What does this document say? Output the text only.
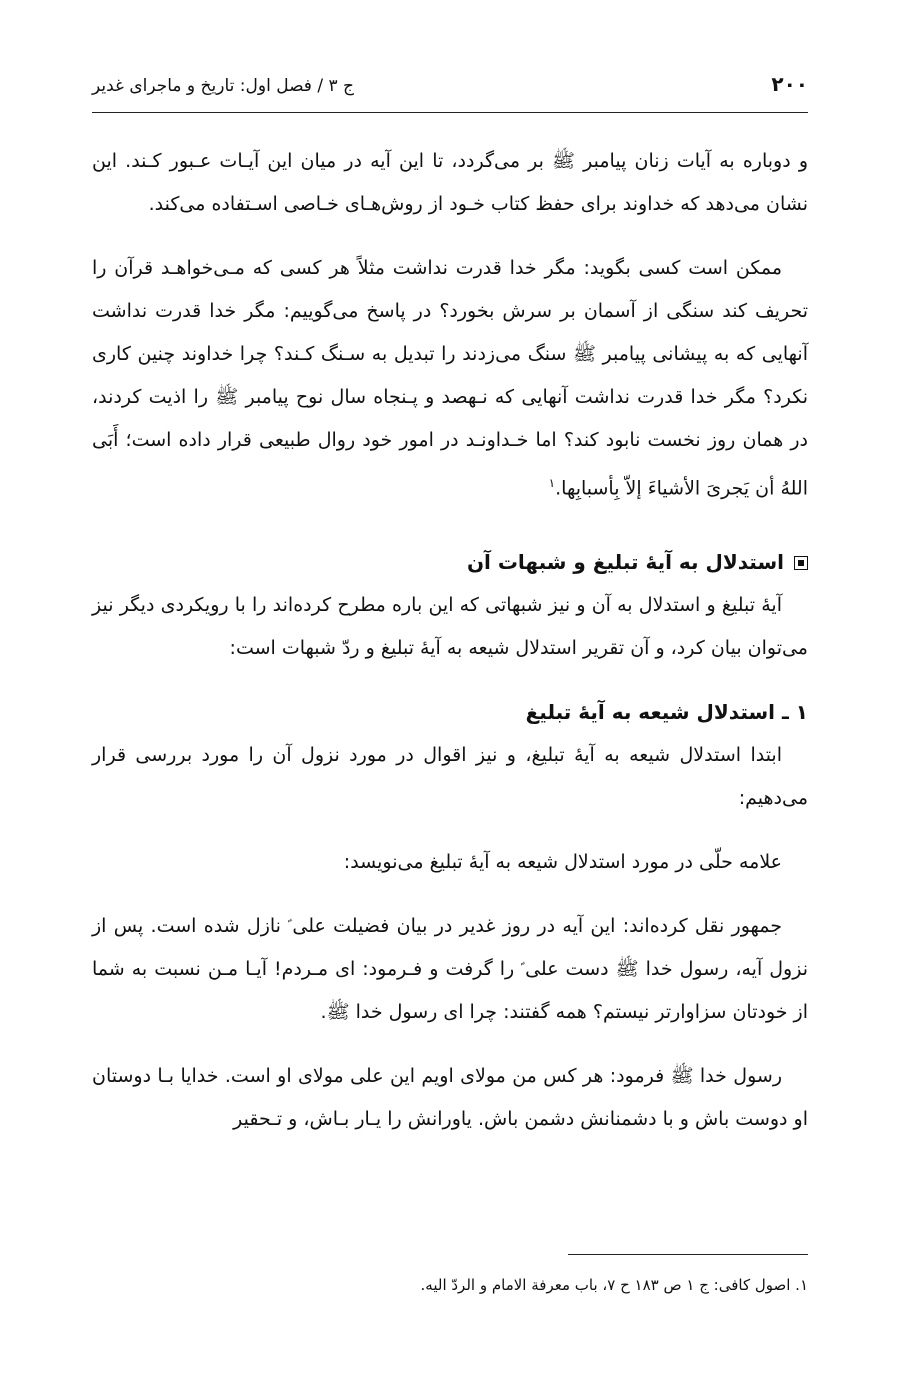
۲۰۰
ج ۳ / فصل اول: تاریخ و ماجرای غدیر

و دوباره به آیات زنان پیامبر ﷺ بر می‌گردد، تا این آیه در میان این آیـات عـبور کـند. این نشان می‌دهد که خداوند برای حفظ کتاب خـود از روش‌هـای خـاصی اسـتفاده می‌کند.

ممکن است کسی بگوید: مگر خدا قدرت نداشت مثلاً هر کسی که مـی‌خواهـد قرآن را تحریف کند سنگی از آسمان بر سرش بخورد؟ در پاسخ می‌گوییم: مگر خدا قدرت نداشت آنهایی که به پیشانی پیامبر ﷺ سنگ می‌زدند را تبدیل به سـنگ کـند؟ چرا خداوند چنین کاری نکرد؟ مگر خدا قدرت نداشت آنهایی که نـهصد و پـنجاه سال نوح پیامبر ﷺ را اذیت کردند، در همان روز نخست نابود کند؟ اما خـداونـد در امور خود روال طبیعی قرار داده است؛ أَبَی اللهُ أن یَجریَ الأشیاءَ إلاّ بِأسبابِها.$^۱$

استدلال به آیهٔ تبلیغ و شبهات آن

آیهٔ تبلیغ و استدلال به آن و نیز شبهاتی که این باره مطرح کرده‌اند را با رویکردی دیگر نیز می‌توان بیان کرد، و آن تقریر استدلال شیعه به آیهٔ تبلیغ و ردّ شبهات است:

۱ ـ استدلال شیعه به آیهٔ تبلیغ

ابتدا استدلال شیعه به آیهٔ تبلیغ، و نیز اقوال در مورد نزول آن را مورد بررسی قرار می‌دهیم:

علامه حلّی در مورد استدلال شیعه به آیهٔ تبلیغ می‌نویسد:

جمهور نقل کرده‌اند: این آیه در روز غدیر در بیان فضیلت علی ؑ نازل شده است. پس از نزول آیه، رسول خدا ﷺ دست علی ؑ را گرفت و فـرمود: ای مـردم! آیـا مـن نسبت به شما از خودتان سزاوارتر نیستم؟ همه گفتند: چرا ای رسول خدا ﷺ.

رسول خدا ﷺ فرمود: هر کس من مولای اویم این علی مولای او است. خدایا بـا دوستان او دوست باش و با دشمنانش دشمن باش. یاورانش را یـار بـاش، و تـحقیر

۱. اصول کافی: ج ۱ ص ۱۸۳ ح ۷، باب معرفة الامام و الردّ الیه.
